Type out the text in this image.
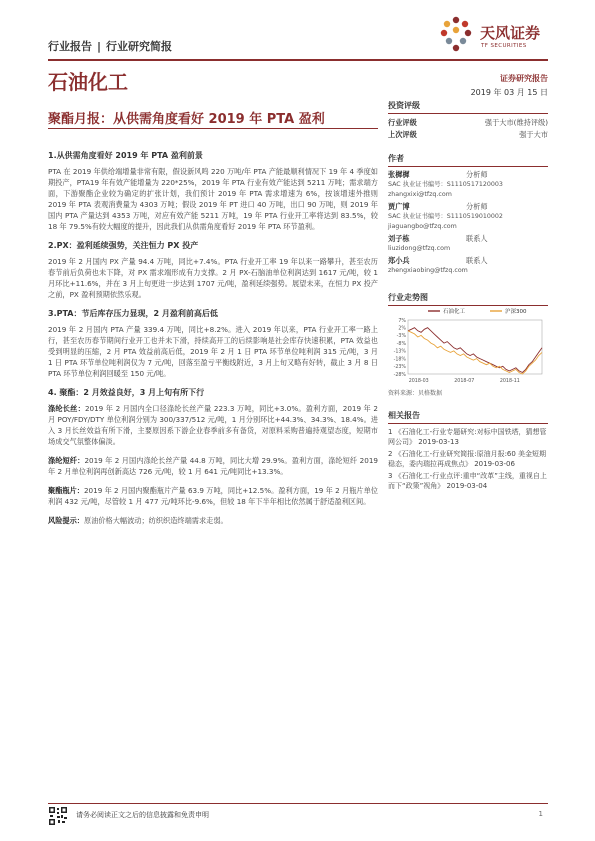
行业报告 | 行业研究简报
天风证券
TF SECURITIES
石油化工	证券研究报告
2019 年 03 月 15 日
聚酯月报：从供需角度看好 2019 年 PTA 盈利
1.从供需角度看好 2019 年 PTA 盈利前景

PTA 在 2019 年供给端增量非常有限，假设新风鸣 220 万吨/年 PTA 产能最顺利情况下 19 年 4 季度如期投产，PTA19 年有效产能增量为 220*25%，2019 年 PTA 行业有效产能达到 5211 万吨；需求端方面，下游聚酯企业较为确定的扩张计划，我们预计 2019 年 PTA 需求增速为 6%，按该增速外推则 2019 年 PTA 表观消费量为 4303 万吨；假设 2019 年 PT 进口 40 万吨，出口 90 万吨，则 2019 年国内 PTA 产量达到 4353 万吨，对应有效产能 5211 万吨，19 年 PTA 行业开工率将达到 83.5%，较 18 年 79.5%有较大幅度的提升，因此我们从供需角度看好 2019 年 PTA 环节盈利。

2.PX：盈利延续强势，关注恒力 PX 投产

2019 年 2 月国内 PX 产量 94.4 万吨，同比+7.4%。PTA 行业开工率 19 年以来一路攀升，甚至农历春节前后负荷也未下降，对 PX 需求端形成有力支撑。2 月 PX-石脑油单位利润达到 1617 元/吨，较 1 月环比+11.6%，并在 3 月上旬更进一步达到 1707 元/吨，盈利延续强势。展望未来，在恒力 PX 投产之前，PX 盈利预期依然乐观。

3.PTA：节后库存压力显现，2 月盈利前高后低

2019 年 2 月国内 PTA 产量 339.4 万吨，同比+8.2%。进入 2019 年以来，PTA 行业开工率一路上行，甚至农历春节期间行业开工也并未下滑，持续高开工的后续影响是社会库存快速积累，PTA 效益也受到明显的压缩，2 月 PTA 效益前高后低，2019 年 2 月 1 日 PTA 环节单位吨利润 315 元/吨，3 月 1 日 PTA 环节单位吨利润仅为 7 元/吨，回落至盈亏平衡线附近，3 月上旬又略有好转，截止 3 月 8 日 PTA 环节单位利润回暖至 150 元/吨。

4. 聚酯：2 月效益良好，3 月上旬有所下行

涤纶长丝：2019 年 2 月国内全口径涤纶长丝产量 223.3 万吨，同比+3.0%。盈利方面，2019 年 2 月 POY/FDY/DTY 单位利润分别为 300/337/512 元/吨，1 月分别环比+44.3%、34.3%、18.4%。进入 3 月长丝效益有所下滑，主要原因系下游企业春季前多有备货，对原料采购普遍持观望态度，短期市场成交气氛整体偏淡。

涤纶短纤：2019 年 2 月国内涤纶长丝产量 44.8 万吨，同比大增 29.9%。盈利方面，涤纶短纤 2019 年 2 月单位利润再创新高达 726 元/吨，较 1 月 641 元/吨同比+13.3%。

聚酯瓶片：2019 年 2 月国内聚酯瓶片产量 63.9 万吨，同比+12.5%。盈利方面，19 年 2 月瓶片单位利润 432 元/吨，尽管较 1 月 477 元/吨环比-9.6%，但较 18 年下半年相比依然属于舒适盈利区间。

风险提示：原油价格大幅波动；纺织织造终端需求走弱。

投资评级
行业评级	强于大市(维持评级)
上次评级	强于大市
作者
张樨樨	分析师
SAC 执业证书编号：S1110517120003
zhangxixi@tfzq.com
贾广博	分析师
SAC 执业证书编号：S1110519010002
jiaguangbo@tfzq.com
刘子栋	联系人
liuzidong@tfzq.com
郑小兵	联系人
zhengxiaobing@tfzq.com
行业走势图
石油化工	沪深300
7%
2%
-3%
-8%
-13%
-18%
-23%
-28%
2018-03	2018-07	2018-11
资料来源：贝格数据
相关报告
1 《石油化工-行业专题研究:对标中国铁塔，猜想管网公司》 2019-03-13
2 《石油化工-行业研究简报:原油月报:60 美金短期稳态，委内瑞拉再成焦点》 2019-03-06
3 《石油化工-行业点评:重申“改革”主线，重视自上而下“政策”视角》 2019-03-04
请务必阅读正文之后的信息披露和免责申明	1
